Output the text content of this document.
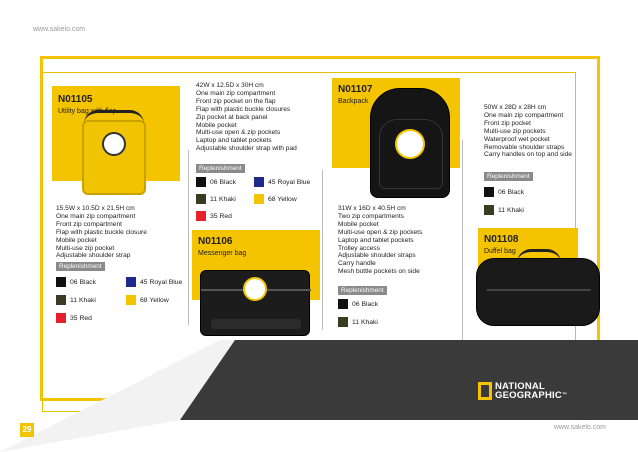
www.sakelo.com
NATIONAL
GEOGRAPHIC™
29	www.sakelo.com
N01105
Utility bag with flap
15.5W x 10.5D x 21.5H cm
One main zip compartment
Front zip compartment
Flap with plastic buckle closure
Mobile pocket
Multi-use zip pocket
Adjustable shoulder strap
Replenishment
06 Black	45 Royal Blue
11 Khaki	68 Yellow
35 Red
42W x 12.5D x 30H cm
One main zip compartment
Front zip pocket on the flap
Flap with plastic buckle closures
Zip pocket at back panel
Mobile pocket
Multi-use open & zip pockets
Laptop and tablet pockets
Adjustable shoulder strap with pad
Replenishment
06 Black	45 Royal Blue
11 Khaki	68 Yellow
35 Red
N01106
Messenger bag
N01107
Backpack
31W x 16D x 40.5H cm
Two zip compartments
Mobile pocket
Multi-use open & zip pockets
Laptop and tablet pockets
Trolley access
Adjustable shoulder straps
Carry handle
Mesh bottle pockets on side
Replenishment
06 Black
11 Khaki
50W x 28D x 28H cm
One main zip compartment
Front zip pocket
Multi-use zip pockets
Waterproof wet pocket
Removable shoulder straps
Carry handles on top and side
Replenishment
06 Black
11 Khaki
N01108
Duffel bag
